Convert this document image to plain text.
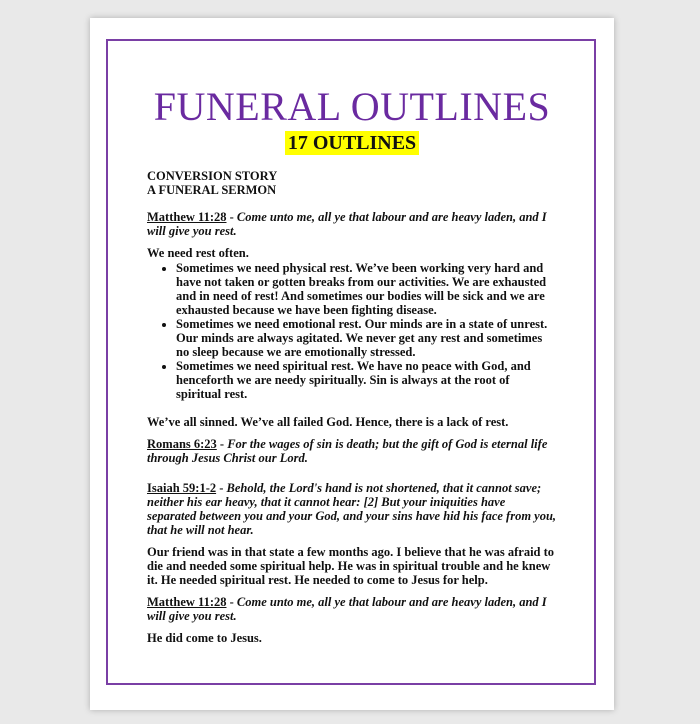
FUNERAL OUTLINES
17 OUTLINES

CONVERSION STORY
A FUNERAL SERMON

Matthew 11:28 - Come unto me, all ye that labour and are heavy laden, and I will give you rest.

We need rest often.

• Sometimes we need physical rest. We’ve been working very hard and have not taken or gotten breaks from our activities. We are exhausted and in need of rest! And sometimes our bodies will be sick and we are exhausted because we have been fighting disease.
• Sometimes we need emotional rest. Our minds are in a state of unrest. Our minds are always agitated. We never get any rest and sometimes no sleep because we are emotionally stressed.
• Sometimes we need spiritual rest. We have no peace with God, and henceforth we are needy spiritually. Sin is always at the root of spiritual rest.

We’ve all sinned. We’ve all failed God. Hence, there is a lack of rest.

Romans 6:23 - For the wages of sin is death; but the gift of God is eternal life through Jesus Christ our Lord.

Isaiah 59:1-2 - Behold, the Lord's hand is not shortened, that it cannot save; neither his ear heavy, that it cannot hear: [2] But your iniquities have separated between you and your God, and your sins have hid his face from you, that he will not hear.

Our friend was in that state a few months ago. I believe that he was afraid to die and needed some spiritual help. He was in spiritual trouble and he knew it. He needed spiritual rest. He needed to come to Jesus for help.

Matthew 11:28 - Come unto me, all ye that labour and are heavy laden, and I will give you rest.

He did come to Jesus.
